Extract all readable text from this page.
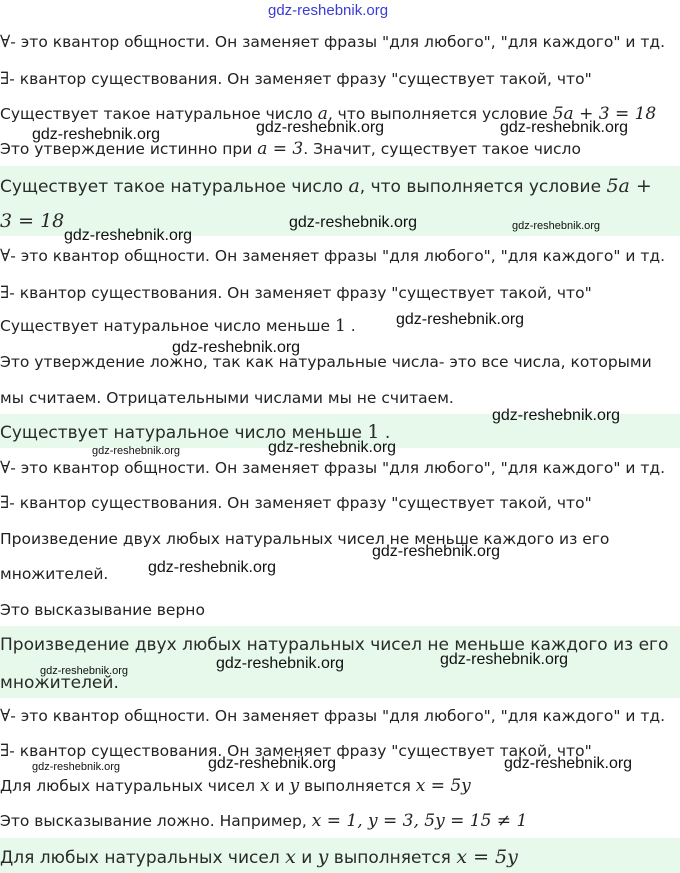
gdz-reshebnik.org
∀- это квантор общности. Он заменяет фразы "для любого", "для каждого" и тд.
∃- квантор существования. Он заменяет фразу "существует такой, что"
Существует такое натуральное число a, что выполняется условие 5a + 3 = 18
Это утверждение истинно при a = 3. Значит, существует такое число
Существует такое натуральное число a, что выполняется условие 5a +
3 = 18
∀- это квантор общности. Он заменяет фразы "для любого", "для каждого" и тд.
∃- квантор существования. Он заменяет фразу "существует такой, что"
Существует натуральное число меньше 1 .
Это утверждение ложно, так как натуральные числа- это все числа, которыми
мы считаем. Отрицательными числами мы не считаем.
Существует натуральное число меньше 1 .
∀- это квантор общности. Он заменяет фразы "для любого", "для каждого" и тд.
∃- квантор существования. Он заменяет фразу "существует такой, что"
Произведение двух любых натуральных чисел не меньше каждого из его
множителей.
Это высказывание верно
Произведение двух любых натуральных чисел не меньше каждого из его
множителей.
∀- это квантор общности. Он заменяет фразы "для любого", "для каждого" и тд.
∃- квантор существования. Он заменяет фразу "существует такой, что"
Для любых натуральных чисел x и y выполняется x = 5y
Это высказывание ложно. Например, x = 1, y = 3, 5y = 15 ≠ 1
Для любых натуральных чисел x и y выполняется x = 5y
gdz-reshebnik.org	gdz-reshebnik.org	gdz-reshebnik.org
gdz-reshebnik.org	gdz-reshebnik.org
gdz-reshebnik.org
gdz-reshebnik.org
gdz-reshebnik.org
gdz-reshebnik.org
gdz-reshebnik.org
gdz-reshebnik.org
gdz-reshebnik.org
gdz-reshebnik.org
gdz-reshebnik.org
gdz-reshebnik.org
gdz-reshebnik.org
gdz-reshebnik.org	gdz-reshebnik.org
gdz-reshebnik.org
